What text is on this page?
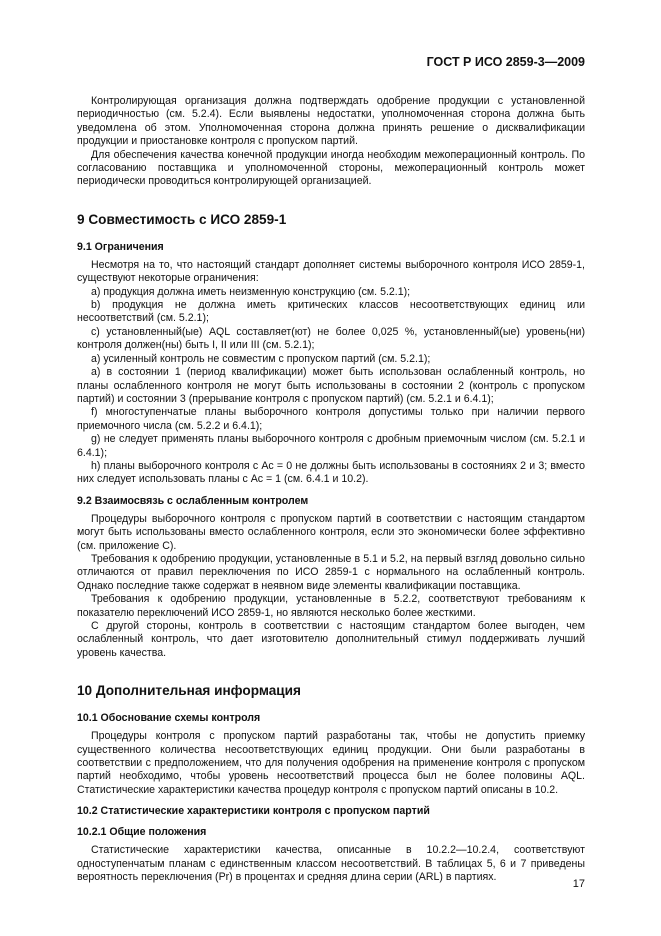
ГОСТ Р ИСО 2859-3—2009

Контролирующая организация должна подтверждать одобрение продукции с установленной периодичностью (см. 5.2.4). Если выявлены недостатки, уполномоченная сторона должна быть уведомлена об этом. Уполномоченная сторона должна принять решение о дисквалификации продукции и приостановке контроля с пропуском партий.

Для обеспечения качества конечной продукции иногда необходим межоперационный контроль. По согласованию поставщика и уполномоченной стороны, межоперационный контроль может периодически проводиться контролирующей организацией.

9 Совместимость с ИСО 2859-1
9.1 Ограничения

Несмотря на то, что настоящий стандарт дополняет системы выборочного контроля ИСО 2859-1, существуют некоторые ограничения:

a) продукция должна иметь неизменную конструкцию (см. 5.2.1);

b) продукция не должна иметь критических классов несоответствующих единиц или несоответствий (см. 5.2.1);

c) установленный(ые) AQL составляет(ют) не более 0,025 %, установленный(ые) уровень(ни) контроля должен(ны) быть I, II или III (см. 5.2.1);

a) усиленный контроль не совместим с пропуском партий (см. 5.2.1);

a) в состоянии 1 (период квалификации) может быть использован ослабленный контроль, но планы ослабленного контроля не могут быть использованы в состоянии 2 (контроль с пропуском партий) и состоянии 3 (прерывание контроля с пропуском партий) (см. 5.2.1 и 6.4.1);

f) многоступенчатые планы выборочного контроля допустимы только при наличии первого приемочного числа (см. 5.2.2 и 6.4.1);

g) не следует применять планы выборочного контроля с дробным приемочным числом (см. 5.2.1 и 6.4.1);

h) планы выборочного контроля с Ac = 0 не должны быть использованы в состояниях 2 и 3; вместо них следует использовать планы с Ac = 1 (см. 6.4.1 и 10.2).

9.2 Взаимосвязь с ослабленным контролем

Процедуры выборочного контроля с пропуском партий в соответствии с настоящим стандартом могут быть использованы вместо ослабленного контроля, если это экономически более эффективно (см. приложение С).

Требования к одобрению продукции, установленные в 5.1 и 5.2, на первый взгляд довольно сильно отличаются от правил переключения по ИСО 2859-1 с нормального на ослабленный контроль. Однако последние также содержат в неявном виде элементы квалификации поставщика.

Требования к одобрению продукции, установленные в 5.2.2, соответствуют требованиям к показателю переключений ИСО 2859-1, но являются несколько более жесткими.

С другой стороны, контроль в соответствии с настоящим стандартом более выгоден, чем ослабленный контроль, что дает изготовителю дополнительный стимул поддерживать лучший уровень качества.

10 Дополнительная информация
10.1 Обоснование схемы контроля

Процедуры контроля с пропуском партий разработаны так, чтобы не допустить приемку существенного количества несоответствующих единиц продукции. Они были разработаны в соответствии с предположением, что для получения одобрения на применение контроля с пропуском партий необходимо, чтобы уровень несоответствий процесса был не более половины AQL. Статистические характеристики качества процедур контроля с пропуском партий описаны в 10.2.

10.2 Статистические характеристики контроля с пропуском партий
10.2.1 Общие положения

Статистические характеристики качества, описанные в 10.2.2—10.2.4, соответствуют одноступенчатым планам с единственным классом несоответствий. В таблицах 5, 6 и 7 приведены вероятность переключения (Pr) в процентах и средняя длина серии (ARL) в партиях.

17
